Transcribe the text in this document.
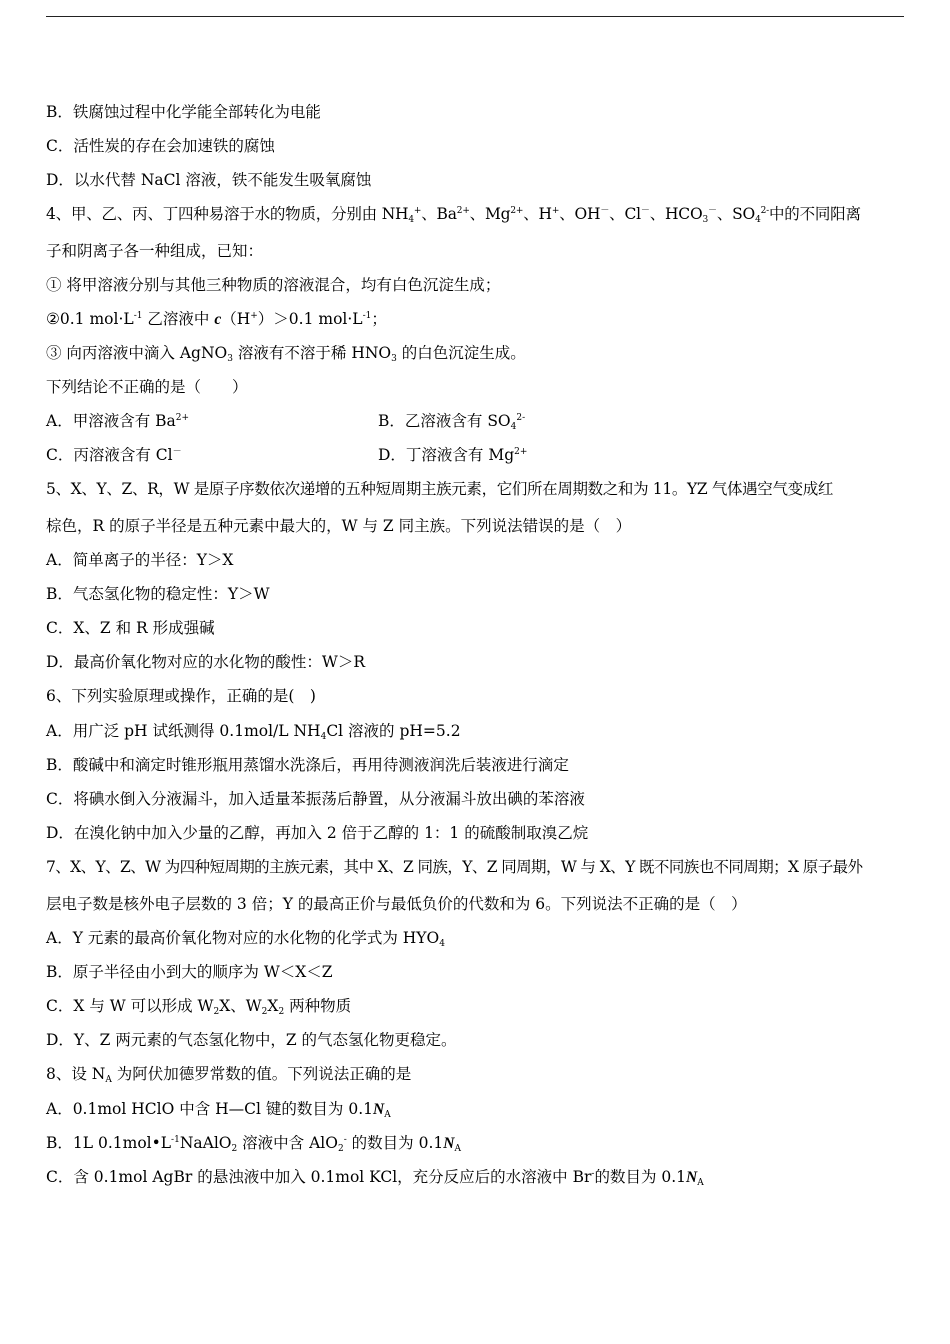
B．铁腐蚀过程中化学能全部转化为电能
C．活性炭的存在会加速铁的腐蚀
D．以水代替 NaCl 溶液，铁不能发生吸氧腐蚀
4、甲、乙、丙、丁四种易溶于水的物质，分别由 $NH_4^+$、$Ba^{2+}$、$Mg^{2+}$、H+、OH－、Cl－、$HCO_3^-$、$SO_4^{2-}$中的不同阳离
子和阴离子各一种组成，已知：
① 将甲溶液分别与其他三种物质的溶液混合，均有白色沉淀生成；
②0.1 $mol\cdot L^{-1}$ 乙溶液中 c（H+）＞0.1 $mol\cdot L^{-1}$；
③ 向丙溶液中滴入 AgNO$_3$ 溶液有不溶于稀 $HNO_3$ 的白色沉淀生成。
下列结论不正确的是（　　）
A．甲溶液含有 $Ba^{2+}$	B．乙溶液含有 $SO_4^{2-}$
C．丙溶液含有 Cl－	D．丁溶液含有 $Mg^{2+}$
5、X、Y、Z、R，W 是原子序数依次递增的五种短周期主族元素，它们所在周期数之和为 11。YZ 气体遇空气变成红
棕色，R 的原子半径是五种元素中最大的，W 与 Z 同主族。下列说法错误的是（　）
A．简单离子的半径：Y＞X
B．气态氢化物的稳定性：Y＞W
C．X、Z 和 R 形成强碱
D．最高价氧化物对应的水化物的酸性：W＞R
6、下列实验原理或操作，正确的是(　)
A．用广泛 pH 试纸测得 0.1mol/L $NH_4Cl$ 溶液的 pH=5.2
B．酸碱中和滴定时锥形瓶用蒸馏水洗涤后，再用待测液润洗后装液进行滴定
C．将碘水倒入分液漏斗，加入适量苯振荡后静置，从分液漏斗放出碘的苯溶液
D．在溴化钠中加入少量的乙醇，再加入 2 倍于乙醇的 1：1 的硫酸制取溴乙烷
7、X、Y、Z、W 为四种短周期的主族元素，其中 X、Z 同族，Y、Z 同周期，W 与 X、Y 既不同族也不同周期；X 原子最外
层电子数是核外电子层数的 3 倍；Y 的最高正价与最低负价的代数和为 6。下列说法不正确的是（　）
A．Y 元素的最高价氧化物对应的水化物的化学式为 $HYO_4$
B．原子半径由小到大的顺序为 W＜X＜Z
C．X 与 W 可以形成 $W_2X$、$W_2X_2$ 两种物质
D．Y、Z 两元素的气态氢化物中，Z 的气态氢化物更稳定。
8、设 $N_A$ 为阿伏加德罗常数的值。下列说法正确的是
A．0.1mol HClO 中含 H—Cl 键的数目为 $0.1N_A$
B．1L $0.1mol•L^{-1}NaAlO_2$ 溶液中含 AlO$_2$- 的数目为 $0.1N_A$
C．含 0.1mol AgBr 的悬浊液中加入 0.1mol KCl，充分反应后的水溶液中 Br-的数目为 $0.1N_A$
